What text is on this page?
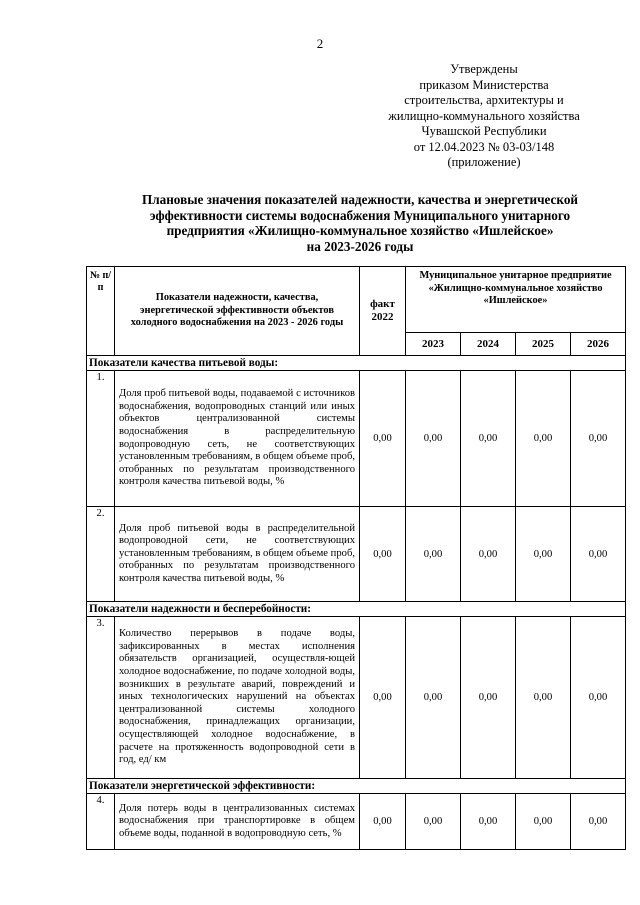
2
Утверждены
приказом Министерства
строительства, архитектуры и
жилищно-коммунального хозяйства
Чувашской Республики
от 12.04.2023 № 03-03/148
(приложение)
Плановые значения показателей надежности, качества и энергетической
эффективности системы водоснабжения Муниципального унитарного
предприятия «Жилищно-коммунальное хозяйство «Ишлейское»
на 2023-2026 годы
№ п/п	Показатели надежности, качества, энергетической эффективности объектов холодного водоснабжения на 2023 - 2026 годы	факт 2022	Муниципальное унитарное предприятие «Жилищно-коммунальное хозяйство «Ишлейское»			
			2023	2024	2025	2026
Показатели качества питьевой воды:						
1.	Доля проб питьевой воды, подаваемой с источников водоснабжения, водопроводных станций или иных объектов централизованной системы водоснабжения в распределительную водопроводную сеть, не соответствующих установленным требованиям, в общем объеме проб, отобранных по результатам производственного контроля качества питьевой воды, %	0,00	0,00	0,00	0,00	0,00
2.	Доля проб питьевой воды в распределительной водопроводной сети, не соответствующих установленным требованиям, в общем объеме проб, отобранных по результатам производственного контроля качества питьевой воды, %	0,00	0,00	0,00	0,00	0,00
Показатели надежности и бесперебойности:						
3.	Количество перерывов в подаче воды, зафиксированных в местах исполнения обязательств организацией, осуществля-ющей холодное водоснабжение, по подаче холодной воды, возникших в результате аварий, повреждений и иных технологических нарушений на объектах централизованной системы холодного водоснабжения, принадлежащих организации, осуществляющей холодное водоснабжение, в расчете на протяженность водопроводной сети в год, ед/ км	0,00	0,00	0,00	0,00	0,00
Показатели энергетической эффективности:						
4.	Доля потерь воды в централизованных системах водоснабжения при транспортировке в общем объеме воды, поданной в водопроводную сеть, %	0,00	0,00	0,00	0,00	0,00
